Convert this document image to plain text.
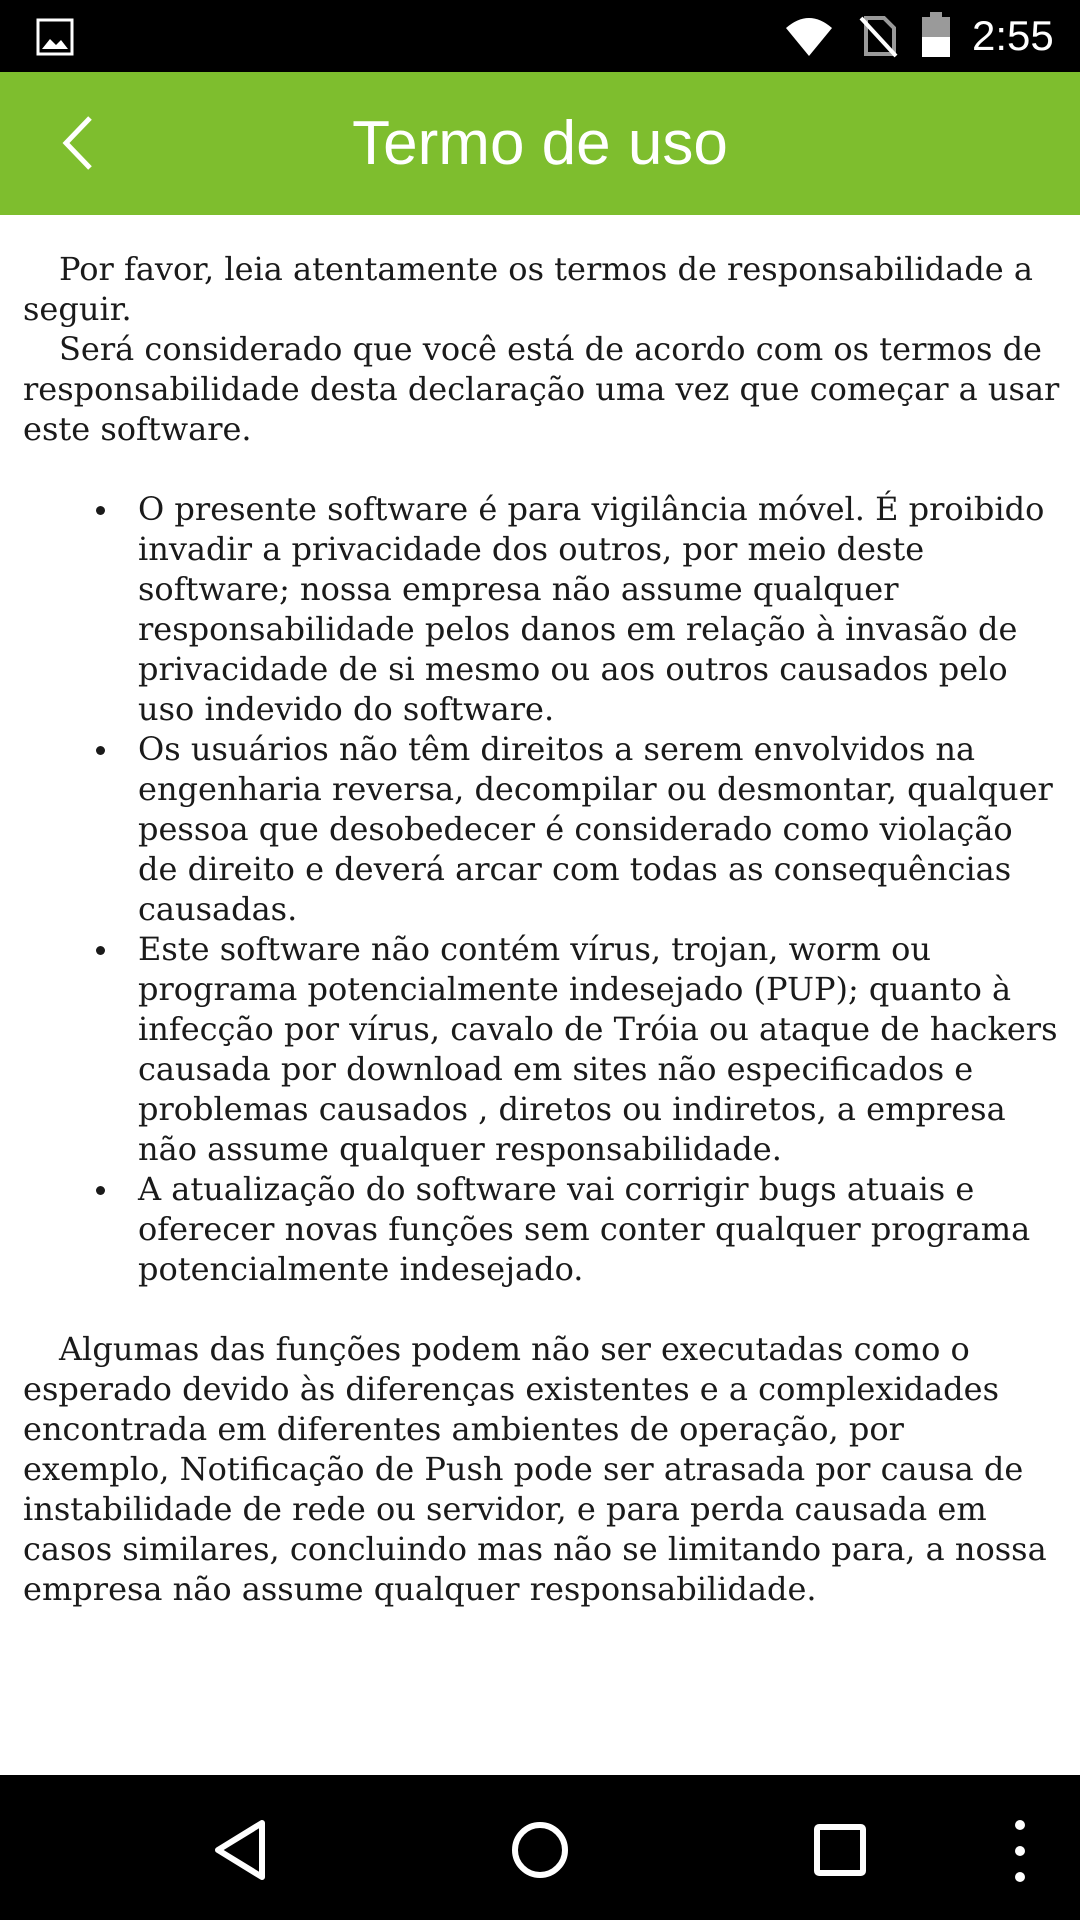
2:55
Termo de uso

Por favor, leia atentamente os termos de responsabilidade a seguir.

Será considerado que você está de acordo com os termos de responsabilidade desta declaração uma vez que começar a usar este software.

O presente software é para vigilância móvel. É proibido invadir a privacidade dos outros, por meio deste software; nossa empresa não assume qualquer responsabilidade pelos danos em relação à invasão de privacidade de si mesmo ou aos outros causados pelo uso indevido do software.
Os usuários não têm direitos a serem envolvidos na engenharia reversa, decompilar ou desmontar, qualquer pessoa que desobedecer é considerado como violação de direito e deverá arcar com todas as consequências causadas.
Este software não contém vírus, trojan, worm ou programa potencialmente indesejado (PUP); quanto à infecção por vírus, cavalo de Tróia ou ataque de hackers causada por download em sites não especificados e problemas causados , diretos ou indiretos, a empresa não assume qualquer responsabilidade.
A atualização do software vai corrigir bugs atuais e oferecer novas funções sem conter qualquer programa potencialmente indesejado.

Algumas das funções podem não ser executadas como o esperado devido às diferenças existentes e a complexidades encontrada em diferentes ambientes de operação, por exemplo, Notificação de Push pode ser atrasada por causa de instabilidade de rede ou servidor, e para perda causada em casos similares, concluindo mas não se limitando para, a nossa empresa não assume qualquer responsabilidade.
